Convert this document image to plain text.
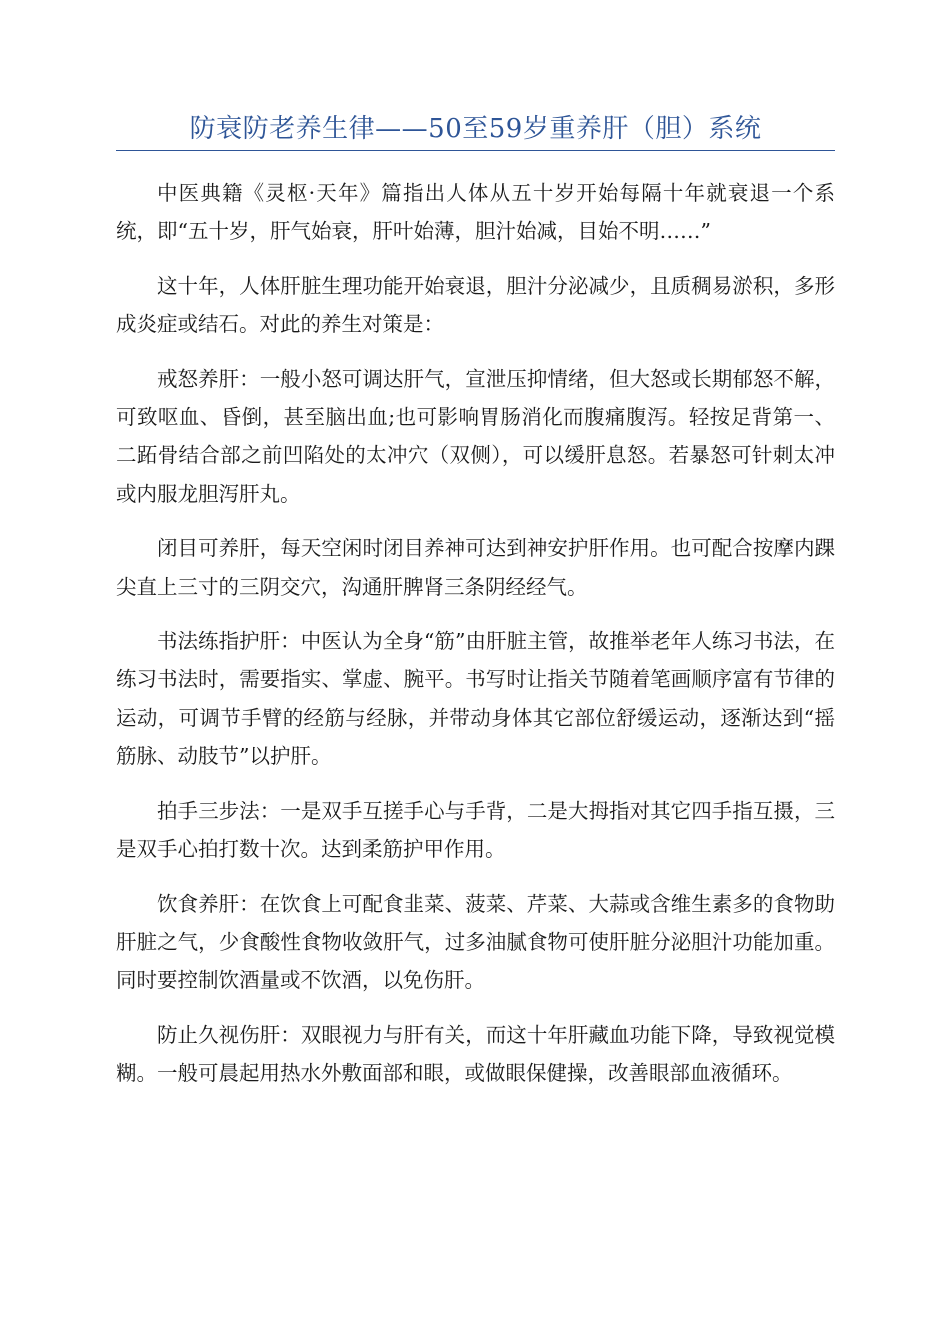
防衰防老养生律——50至59岁重养肝（胆）系统

中医典籍《灵枢·天年》篇指出人体从五十岁开始每隔十年就衰退一个系统，即“五十岁，肝气始衰，肝叶始薄，胆汁始减，目始不明……”

这十年，人体肝脏生理功能开始衰退，胆汁分泌减少，且质稠易淤积，多形成炎症或结石。对此的养生对策是：

戒怒养肝：一般小怒可调达肝气，宣泄压抑情绪，但大怒或长期郁怒不解，可致呕血、昏倒，甚至脑出血;也可影响胃肠消化而腹痛腹泻。轻按足背第一、二跖骨结合部之前凹陷处的太冲穴（双侧），可以缓肝息怒。若暴怒可针刺太冲或内服龙胆泻肝丸。

闭目可养肝，每天空闲时闭目养神可达到神安护肝作用。也可配合按摩内踝尖直上三寸的三阴交穴，沟通肝脾肾三条阴经经气。

书法练指护肝：中医认为全身“筋”由肝脏主管，故推举老年人练习书法，在练习书法时，需要指实、掌虚、腕平。书写时让指关节随着笔画顺序富有节律的运动，可调节手臂的经筋与经脉，并带动身体其它部位舒缓运动，逐渐达到“摇筋脉、动肢节”以护肝。

拍手三步法：一是双手互搓手心与手背，二是大拇指对其它四手指互摄，三是双手心拍打数十次。达到柔筋护甲作用。

饮食养肝：在饮食上可配食韭菜、菠菜、芹菜、大蒜或含维生素多的食物助肝脏之气，少食酸性食物收敛肝气，过多油腻食物可使肝脏分泌胆汁功能加重。同时要控制饮酒量或不饮酒，以免伤肝。

防止久视伤肝：双眼视力与肝有关，而这十年肝藏血功能下降，导致视觉模糊。一般可晨起用热水外敷面部和眼，或做眼保健操，改善眼部血液循环。
